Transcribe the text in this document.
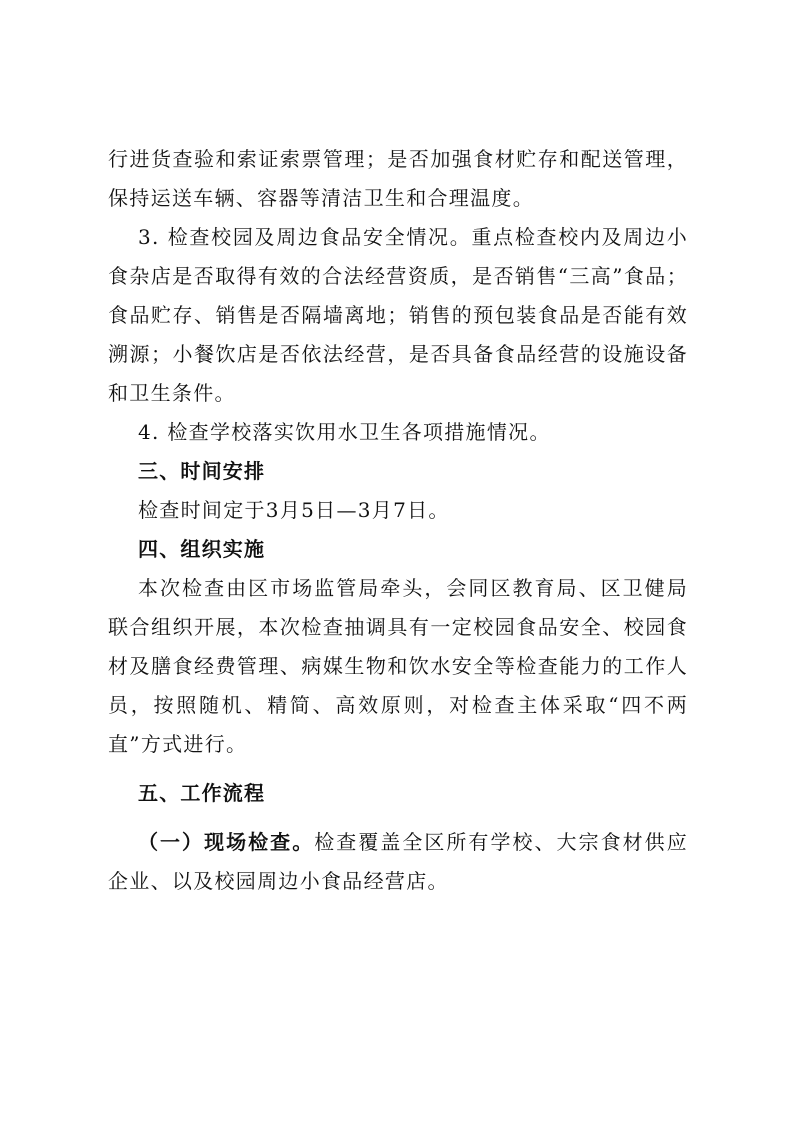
行进货查验和索证索票管理；是否加强食材贮存和配送管理，保持运送车辆、容器等清洁卫生和合理温度。

3. 检查校园及周边食品安全情况。重点检查校内及周边小食杂店是否取得有效的合法经营资质，是否销售“三高”食品；食品贮存、销售是否隔墙离地；销售的预包装食品是否能有效溯源；小餐饮店是否依法经营，是否具备食品经营的设施设备和卫生条件。

4. 检查学校落实饮用水卫生各项措施情况。

三、时间安排

检查时间定于3月5日—3月7日。

四、组织实施

本次检查由区市场监管局牵头，会同区教育局、区卫健局联合组织开展，本次检查抽调具有一定校园食品安全、校园食材及膳食经费管理、病媒生物和饮水安全等检查能力的工作人员，按照随机、精简、高效原则，对检查主体采取“四不两直”方式进行。

五、工作流程

（一）现场检查。检查覆盖全区所有学校、大宗食材供应企业、以及校园周边小食品经营店。
